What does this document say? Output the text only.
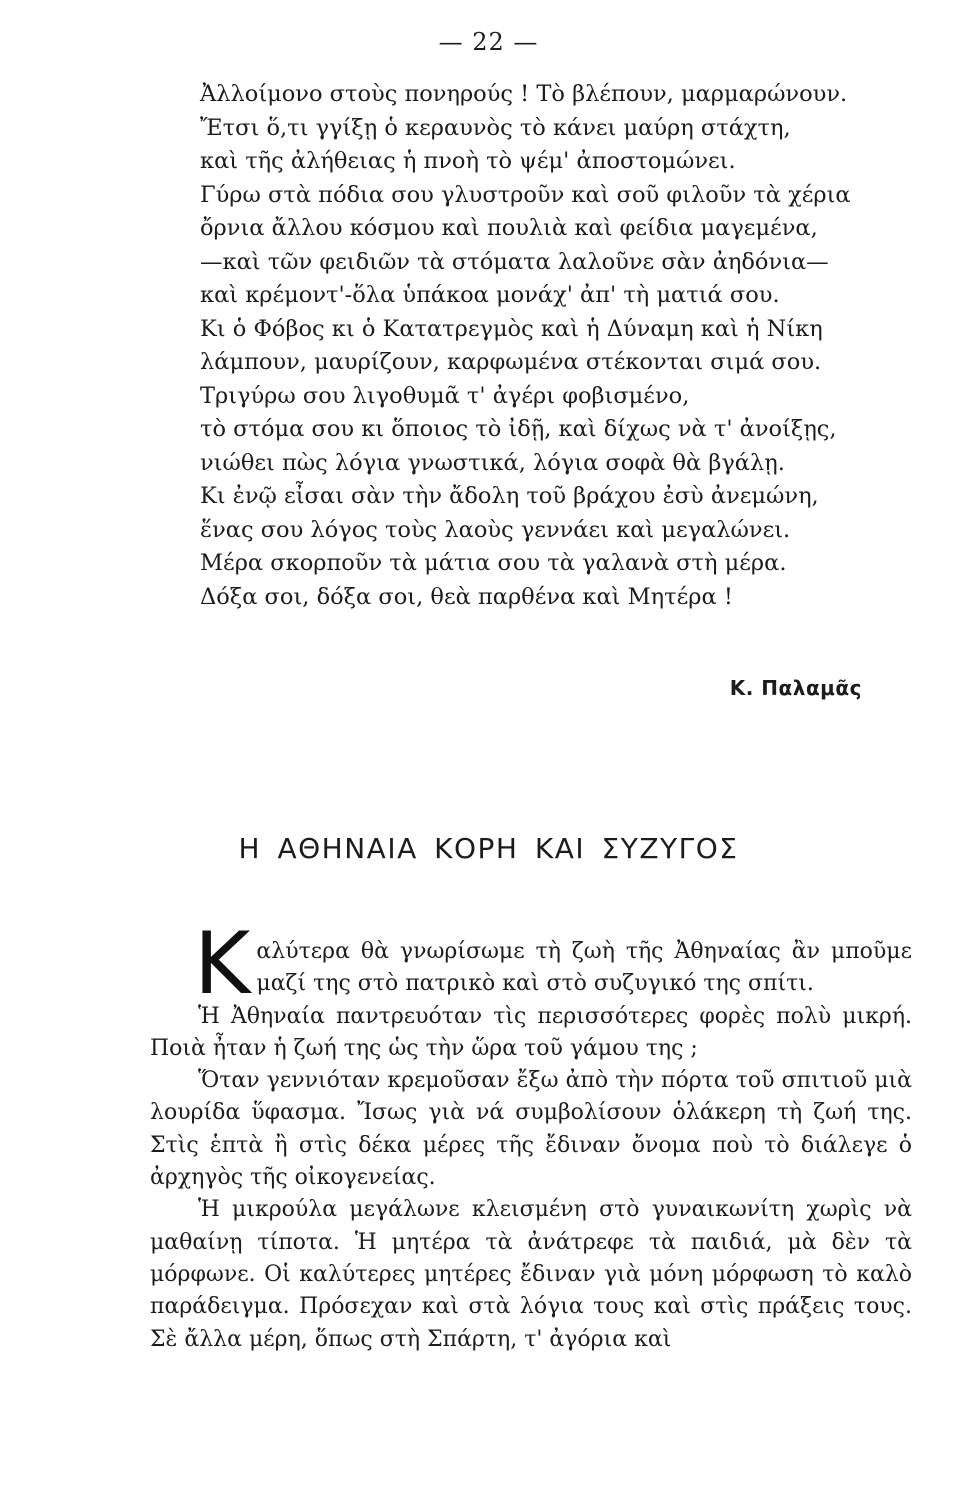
— 22 —
Ἀλλοίμονο στοὺς πονηρούς ! Τὸ βλέπουν, μαρμαρώνουν.
Ἔτσι ὅ,τι γγίξῃ ὁ κεραυνὸς τὸ κάνει μαύρη στάχτη,
καὶ τῆς ἀλήθειας ἡ πνοὴ τὸ ψέμ' ἀποστομώνει.
Γύρω στὰ πόδια σου γλυστροῦν καὶ σοῦ φιλοῦν τὰ χέρια
ὄρνια ἄλλου κόσμου καὶ πουλιὰ καὶ φείδια μαγεμένα,
—καὶ τῶν φειδιῶν τὰ στόματα λαλοῦνε σὰν ἀηδόνια—
καὶ κρέμοντ'-ὅλα ὑπάκοα μονάχ' ἀπ' τὴ ματιά σου.
Κι ὁ Φόβος κι ὁ Κατατρεγμὸς καὶ ἡ Δύναμη καὶ ἡ Νίκη
λάμπουν, μαυρίζουν, καρφωμένα στέκονται σιμά σου.
Τριγύρω σου λιγοθυμᾶ τ' ἀγέρι φοβισμένο,
τὸ στόμα σου κι ὅποιος τὸ ἰδῇ, καὶ δίχως νὰ τ' ἀνοίξῃς,
νιώθει πὼς λόγια γνωστικά, λόγια σοφὰ θὰ βγάλῃ.
Κι ἐνῷ εἶσαι σὰν τὴν ἄδολη τοῦ βράχου ἐσὺ ἀνεμώνη,
ἕνας σου λόγος τοὺς λαοὺς γεννάει καὶ μεγαλώνει.
Μέρα σκορποῦν τὰ μάτια σου τὰ γαλανὰ στὴ μέρα.
Δόξα σοι, δόξα σοι, θεὰ παρθένα καὶ Μητέρα !
Κ. Παλαμᾶς
Η ΑΘΗΝΑΙΑ ΚΟΡΗ ΚΑΙ ΣΥΖΥΓΟΣ

Καλύτερα θὰ γνωρίσωμε τὴ ζωὴ τῆς Ἀθηναίας ἂν μποῦμε μαζί της στὸ πατρικὸ καὶ στὸ συζυγικό της σπίτι.

Ἡ Ἀθηναία παντρευόταν τὶς περισσότερες φορὲς πολὺ μικρή. Ποιὰ ἦταν ἡ ζωή της ὡς τὴν ὥρα τοῦ γάμου της ;

Ὅταν γεννιόταν κρεμοῦσαν ἔξω ἀπὸ τὴν πόρτα τοῦ σπιτιοῦ μιὰ λουρίδα ὕφασμα. Ἴσως γιὰ νά συμβολίσουν ὁλάκερη τὴ ζωή της. Στὶς ἑπτὰ ἢ στὶς δέκα μέρες τῆς ἔδιναν ὄνομα ποὺ τὸ διάλεγε ὁ ἀρχηγὸς τῆς οἰκογενείας.

Ἡ μικρούλα μεγάλωνε κλεισμένη στὸ γυναικωνίτη χωρὶς νὰ μαθαίνῃ τίποτα. Ἡ μητέρα τὰ ἀνάτρεφε τὰ παιδιά, μὰ δὲν τὰ μόρφωνε. Οἱ καλύτερες μητέρες ἔδιναν γιὰ μόνη μόρφωση τὸ καλὸ παράδειγμα. Πρόσεχαν καὶ στὰ λόγια τους καὶ στὶς πράξεις τους. Σὲ ἄλλα μέρη, ὅπως στὴ Σπάρτη, τ' ἀγόρια καὶ
